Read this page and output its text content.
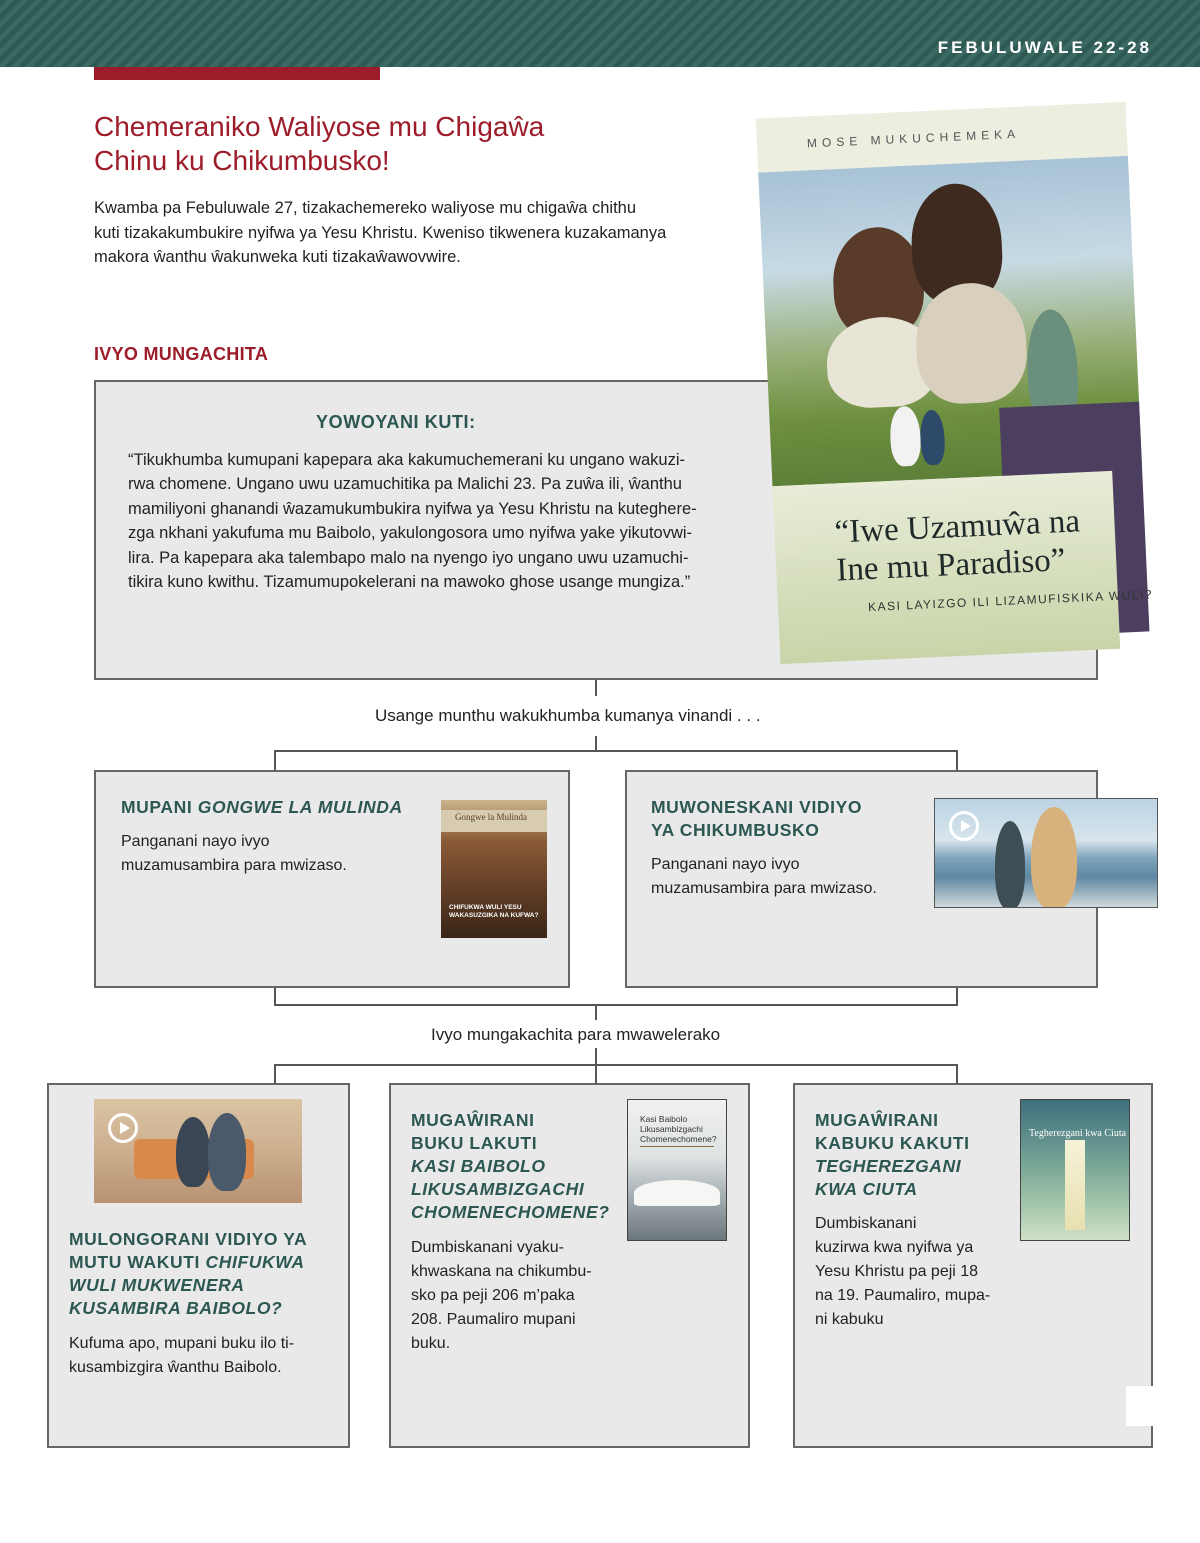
FEBULUWALE 22-28
Chemeraniko Waliyose mu Chigaŵa
Chinu ku Chikumbusko!
Kwamba pa Febuluwale 27, tizakachemereko waliyose mu chigaŵa chithu
kuti tizakakumbukire nyifwa ya Yesu Khristu. Kweniso tikwenera kuzakamanya
makora ŵanthu ŵakunweka kuti tizakaŵawovwire.
IVYO MUNGACHITA
YOWOYANI KUTI:
“Tikukhumba kumupani kapepara aka kakumuchemerani ku ungano wakuzi-
rwa chomene. Ungano uwu uzamuchitika pa Malichi 23. Pa zuŵa ili, ŵanthu
mamiliyoni ghanandi ŵazamukumbukira nyifwa ya Yesu Khristu na kuteghere-
zga nkhani yakufuma mu Baibolo, yakulongosora umo nyifwa yake yikutovwi-
lira. Pa kapepara aka talembapo malo na nyengo iyo ungano uwu uzamuchi-
tikira kuno kwithu. Tizamumupokelerani na mawoko ghose usange mungiza.”
MOSE MUKUCHEMEKA
“Iwe Uzamuŵa na
Ine mu Paradiso”
KASI LAYIZGO ILI LIZAMUFISKIKA WULI?
Usange munthu wakukhumba kumanya vinandi . . .
MUPANI GONGWE LA MULINDA
Panganani nayo ivyo
muzamusambira para mwizaso.
Gongwe la Mulinda
CHIFUKWA WULI YESU
WAKASUZGIKA NA KUFWA?
MUWONESKANI VIDIYO
YA CHIKUMBUSKO
Panganani nayo ivyo
muzamusambira para mwizaso.
Ivyo mungakachita para mwawelerako
MULONGORANI VIDIYO YA
MUTU WAKUTI CHIFUKWA
WULI MUKWENERA
KUSAMBIRA BAIBOLO?
Kufuma apo, mupani buku ilo ti-
kusambizgira ŵanthu Baibolo.
MUGAŴIRANI
BUKU LAKUTI
KASI BAIBOLO
LIKUSAMBIZGACHI
CHOMENECHOMENE?
Dumbiskanani vyaku-
khwaskana na chikumbu-
sko pa peji 206 m’paka
208. Paumaliro mupani
buku.
Kasi Baibolo
Likusambizgachi
Chomenechomene?
MUGAŴIRANI
KABUKU KAKUTI
TEGHEREZGANI
KWA CIUTA
Dumbiskanani
kuzirwa kwa nyifwa ya
Yesu Khristu pa peji 18
na 19. Paumaliro, mupa-
ni kabuku
Tegherezgani kwa Ciuta
